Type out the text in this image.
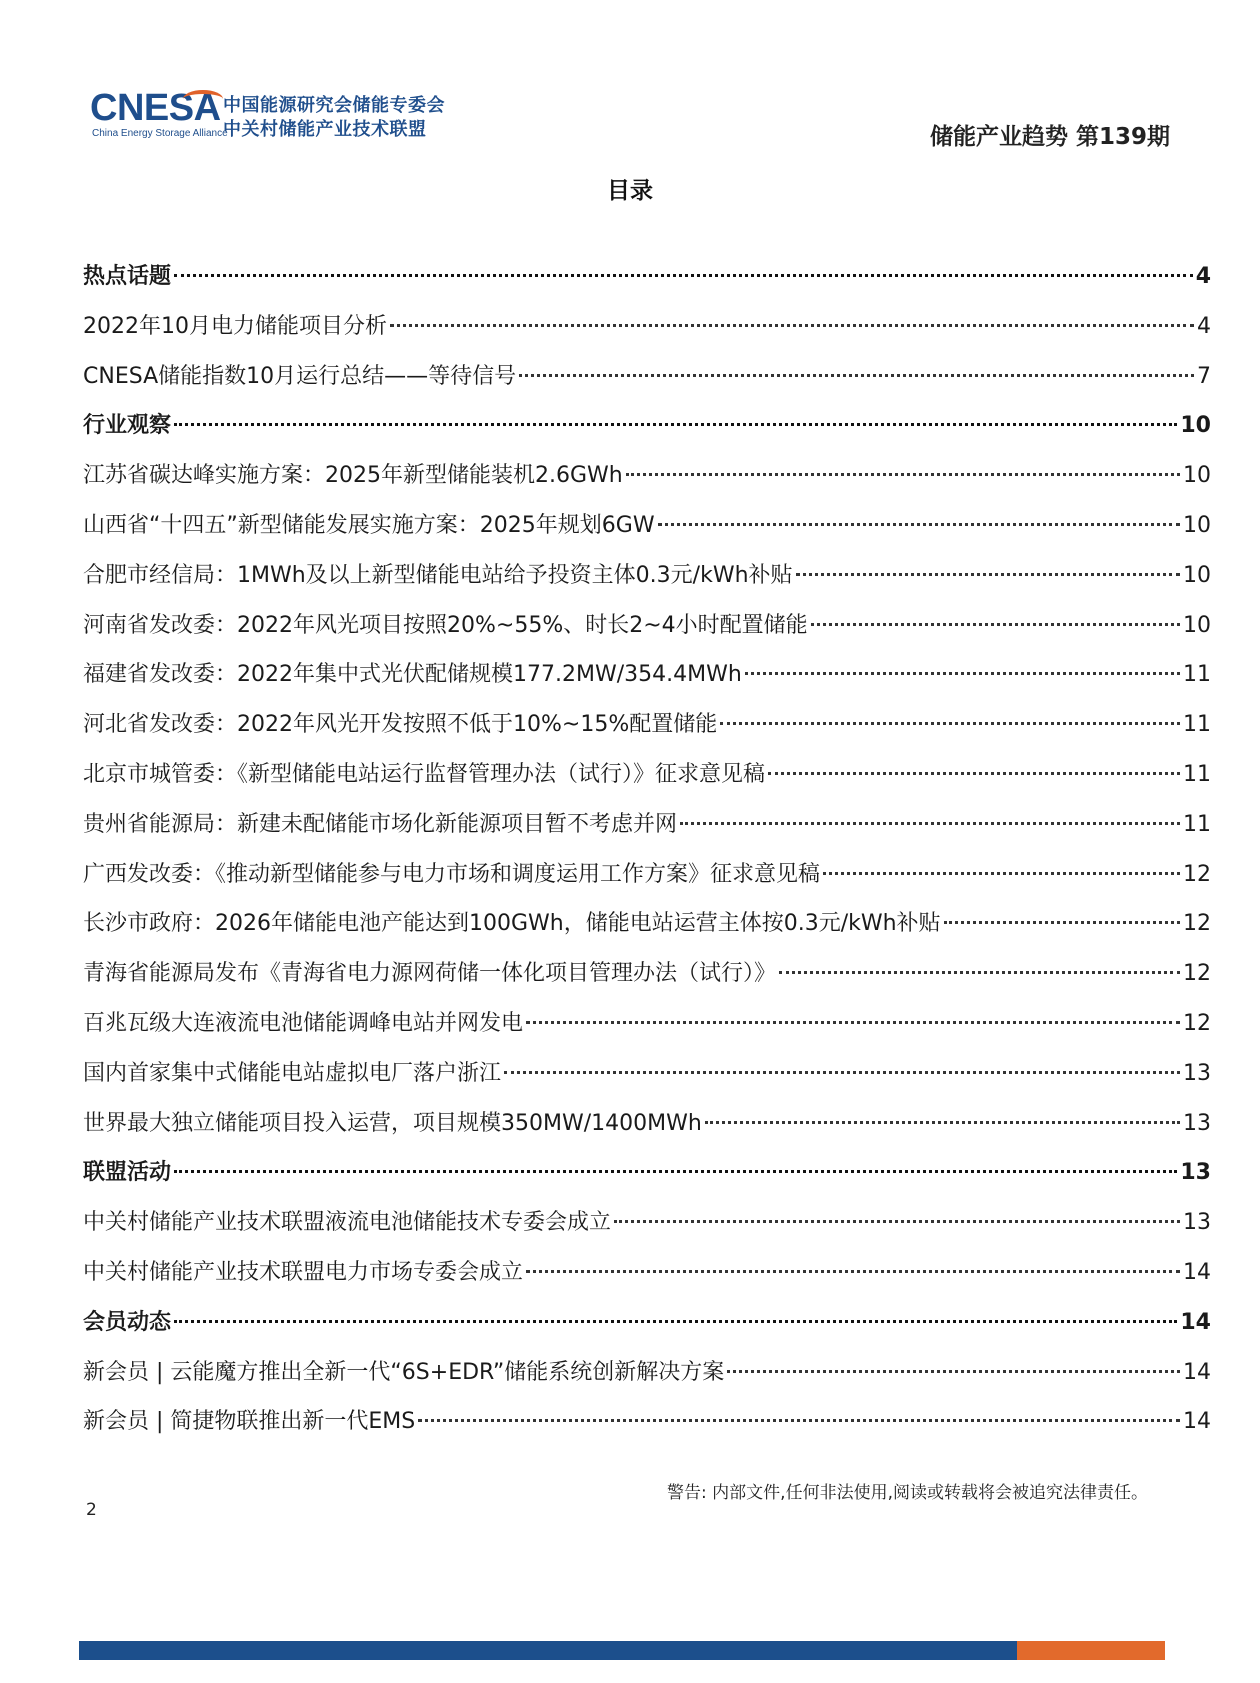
CNESA
China Energy Storage Alliance
中国能源研究会储能专委会
中关村储能产业技术联盟	储能产业趋势 第139期
目录
热点话题	4
2022年10月电力储能项目分析	4
CNESA储能指数10月运行总结——等待信号	7
行业观察	10
江苏省碳达峰实施方案：2025年新型储能装机2.6GWh	10
山西省“十四五”新型储能发展实施方案：2025年规划6GW	10
合肥市经信局：1MWh及以上新型储能电站给予投资主体0.3元/kWh补贴	10
河南省发改委：2022年风光项目按照20%~55%、时长2~4小时配置储能	10
福建省发改委：2022年集中式光伏配储规模177.2MW/354.4MWh	11
河北省发改委：2022年风光开发按照不低于10%~15%配置储能	11
北京市城管委：《新型储能电站运行监督管理办法（试行）》征求意见稿	11
贵州省能源局：新建未配储能市场化新能源项目暂不考虑并网	11
广西发改委：《推动新型储能参与电力市场和调度运用工作方案》征求意见稿	12
长沙市政府：2026年储能电池产能达到100GWh，储能电站运营主体按0.3元/kWh补贴	12
青海省能源局发布《青海省电力源网荷储一体化项目管理办法（试行）》	12
百兆瓦级大连液流电池储能调峰电站并网发电	12
国内首家集中式储能电站虚拟电厂落户浙江	13
世界最大独立储能项目投入运营，项目规模350MW/1400MWh	13
联盟活动	13
中关村储能产业技术联盟液流电池储能技术专委会成立	13
中关村储能产业技术联盟电力市场专委会成立	14
会员动态	14
新会员 | 云能魔方推出全新一代“6S+EDR”储能系统创新解决方案	14
新会员 | 简捷物联推出新一代EMS	14
警告: 内部文件,任何非法使用,阅读或转载将会被追究法律责任。
2
